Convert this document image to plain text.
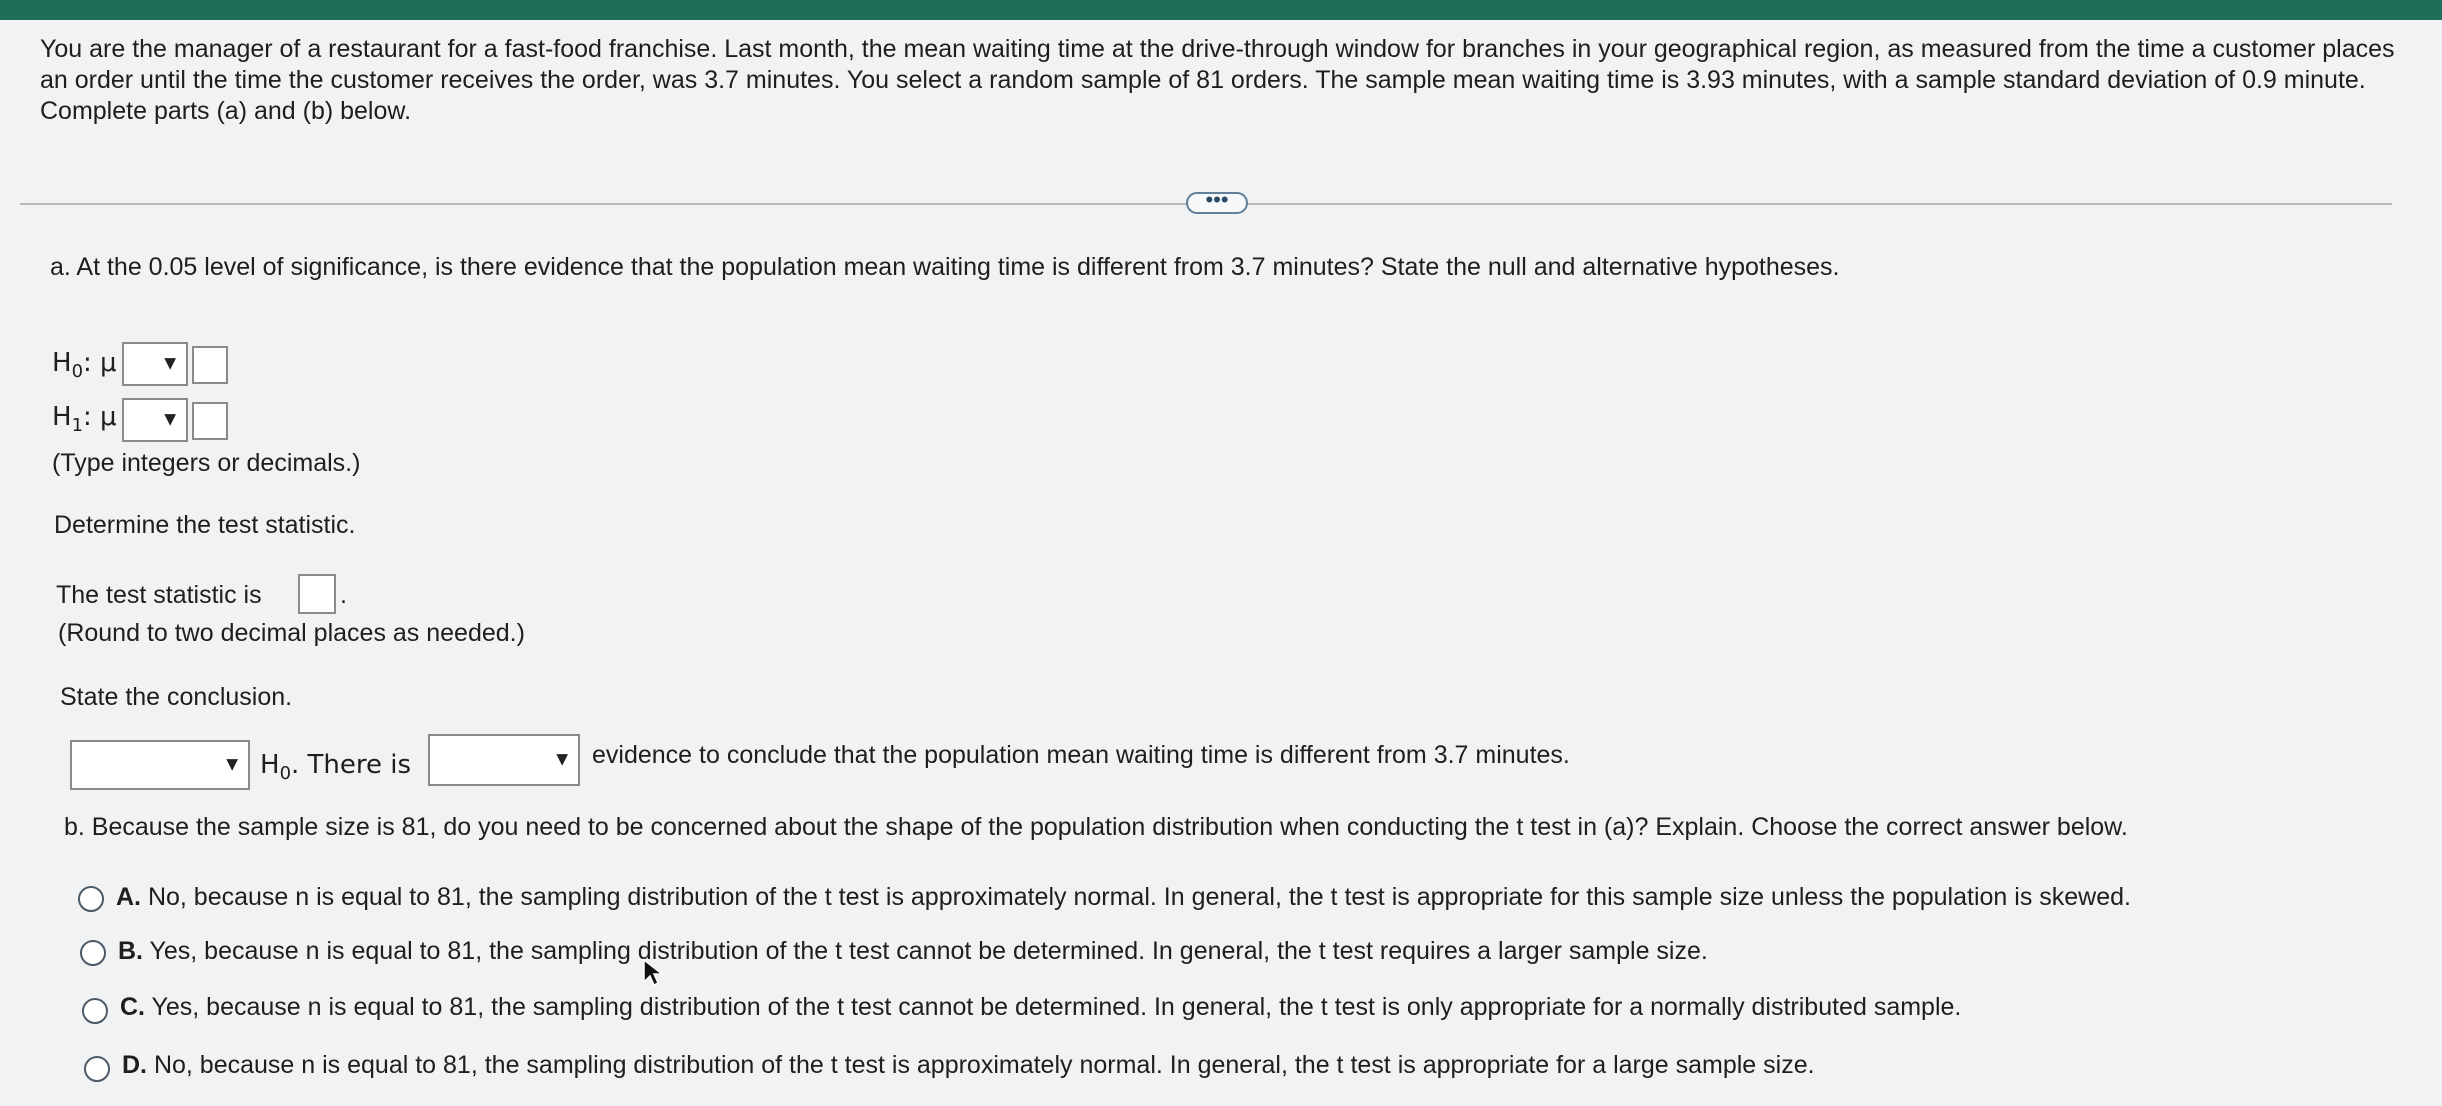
You are the manager of a restaurant for a fast-food franchise. Last month, the mean waiting time at the drive-through window for branches in your geographical region, as measured from the time a customer places an order until the time the customer receives the order, was 3.7 minutes. You select a random sample of 81 orders. The sample mean waiting time is 3.93 minutes, with a sample standard deviation of 0.9 minute. Complete parts (a) and (b) below.
•••
a. At the 0.05 level of significance, is there evidence that the population mean waiting time is different from 3.7 minutes? State the null and alternative hypotheses.
$H_0$: μ ▼
$H_1$: μ ▼
(Type integers or decimals.)
Determine the test statistic.
The test statistic is	.
(Round to two decimal places as needed.)
State the conclusion.
▼ $H_0$. There is	▼ evidence to conclude that the population mean waiting time is different from 3.7 minutes.
b. Because the sample size is 81, do you need to be concerned about the shape of the population distribution when conducting the t test in (a)? Explain. Choose the correct answer below.
A. No, because n is equal to 81, the sampling distribution of the t test is approximately normal. In general, the t test is appropriate for this sample size unless the population is skewed.
B. Yes, because n is equal to 81, the sampling distribution of the t test cannot be determined. In general, the t test requires a larger sample size.
C. Yes, because n is equal to 81, the sampling distribution of the t test cannot be determined. In general, the t test is only appropriate for a normally distributed sample.
D. No, because n is equal to 81, the sampling distribution of the t test is approximately normal. In general, the t test is appropriate for a large sample size.
